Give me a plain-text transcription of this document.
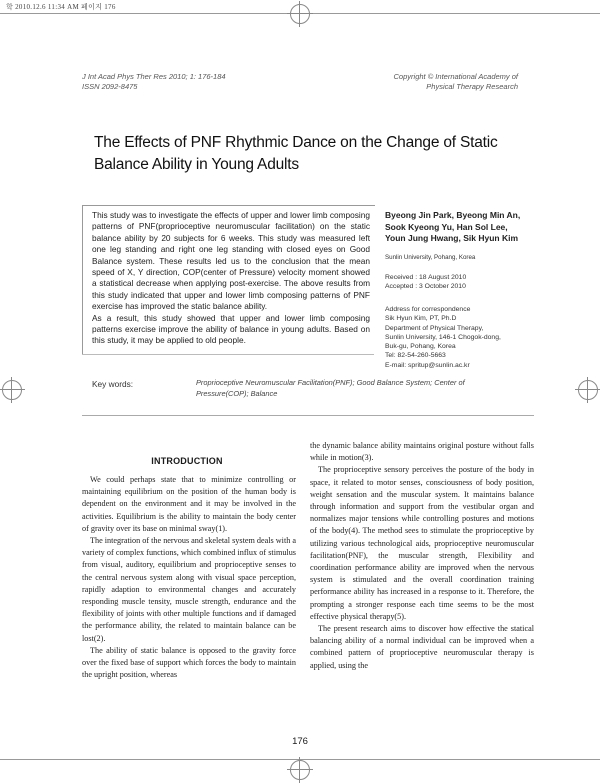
학 2010.12.6 11:34 AM 페이지 176
J Int Acad Phys Ther Res 2010; 1: 176-184
ISSN 2092-8475
Copyright © International Academy of
Physical Therapy Research
The Effects of PNF Rhythmic Dance on the Change of Static Balance Ability in Young Adults

This study was to investigate the effects of upper and lower limb composing patterns of PNF(proprioceptive neuromuscular facilitation) on the static balance ability by 20 subjects for 6 weeks. This study was measured left one leg standing and right one leg standing with closed eyes on Good Balance system. These results led us to the conclusion that the mean speed of X, Y direction, COP(center of Pressure) velocity moment showed a statistical decrease when applying post-exercise. The above results from this study indicated that upper and lower limb composing patterns of PNF exercise has improved the static balance ability.

As a result, this study showed that upper and lower limb composing patterns exercise improve the ability of balance in young adults. Based on this study, it may be applied to old people.

Byeong Jin Park, Byeong Min An,
Sook Kyeong Yu, Han Sol Lee,
Youn Jung Hwang, Sik Hyun Kim
Sunlin University, Pohang, Korea
Received : 18 August 2010
Accepted : 3 October 2010
Address for correspondence
Sik Hyun Kim, PT, Ph.D
Department of Physical Therapy,
Sunlin University, 146-1 Chogok-dong,
Buk-gu, Pohang, Korea
Tel: 82-54-260-5663
E-mail: spritup@sunlin.ac.kr
Key words:	Proprioceptive Neuromuscular Facilitation(PNF); Good Balance System; Center of Pressure(COP); Balance
INTRODUCTION

We could perhaps state that to minimize controlling or maintaining equilibrium on the position of the human body is dependent on the environment and it may be involved in the activities. Equilibrium is the ability to maintain the body center of gravity over its base on minimal sway(1).

The integration of the nervous and skeletal system deals with a variety of complex functions, which combined influx of stimulus from visual, auditory, equilibrium and proprioceptive senses to the central nervous system along with visual space perception, rapidly adaption to environmental changes and accurately responding muscle tensity, muscle strength, endurance and the flexibility of joints with other multiple functions and if damaged the performance ability, the related to maintain balance can be lost(2).

The ability of static balance is opposed to the gravity force over the fixed base of support which forces the body to maintain the upright position, whereas

the dynamic balance ability maintains original posture without falls while in motion(3).

The proprioceptive sensory perceives the posture of the body in space, it related to motor senses, consciousness of body position, weight sensation and the muscular system. It maintains balance through information and support from the vestibular organ and normalizes major tensions while controlling postures and motions of the body(4). The method sees to stimulate the proprioceptive by utilizing various technological aids, proprioceptive neuromuscular facilitation(PNF), the muscular strength, Flexibility and coordination performance ability are improved when the nervous system is stimulated and the overall coordination training performance ability has increased in a response to it. Therefore, the prompting a stronger response each time seems to be the most effective physical therapy(5).

The present research aims to discover how effective the statical balancing ability of a normal individual can be improved when a combined pattern of proprioceptive neuromuscular therapy is applied, using the

176
